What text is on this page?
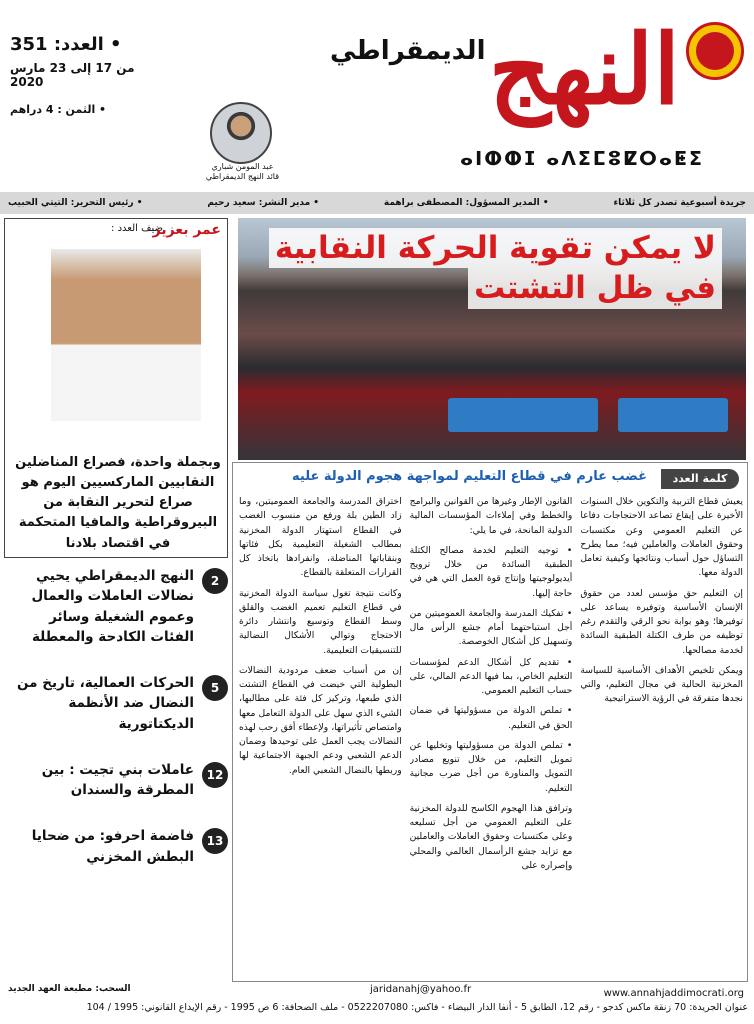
• العدد: 351
من 17 إلى 23 مارس 2020
• الثمن : 4 دراهم
عبد المومن شباري
قائد النهج الديمقراطي
النهج
الديمقراطي
ⴰⵏⵀⵀⵊ ⴰⴷⵉⵎⵓⵇⵔⴰⵟⵉ
جريدة أسبوعية تصدر كل ثلاثاء
• المدير المسؤول: المصطفى براهمة
• مدير النشر: سعيد رحيم
• رئيس التحرير: التيتي الحبيب
لا يمكن تقوية الحركة النقابية
في ظل التشتت
ضيف العدد :
عمر بعزيز
وبجملة واحدة، فصراع المناضلين النقابيين الماركسيين اليوم هو صراع لتحرير النقابة من البيروقراطية والمافيا المتحكمة في اقتصاد بلادنا
2
النهج الديمقراطي يحيي نضالات العاملات والعمال وعموم الشغيلة وسائر الفئات الكادحة والمعطلة
5
الحركات العمالية، تاريخ من النضال ضد الأنظمة الديكتاتورية
12
عاملات بني تجيت : بين المطرقة والسندان
13
فاضمة احرفو: من ضحايا البطش المخزني
كلمة العدد
غضب عارم في قطاع التعليم لمواجهة هجوم الدولة عليه

يعيش قطاع التربية والتكوين خلال السنوات الأخيرة على إيقاع تصاعد الاحتجاجات دفاعا عن التعليم العمومي وعن مكتسبات وحقوق العاملات والعاملين فيه؛ مما يطرح التساؤل حول أسباب ونتائجها وكيفية تعامل الدولة معها.

إن التعليم حق مؤسس لعدد من حقوق الإنسان الأساسية وتوفيره يساعد على توفيرها؛ وهو بوابة نحو الرقي والتقدم رغم توظيفه من طرف الكتلة الطبقية السائدة لخدمة مصالحها.

ويمكن تلخيص الأهداف الأساسية للسياسة المخزنية الحالية في مجال التعليم، والتي نجدها متفرقة في الرؤية الاستراتيجية

القانون الإطار وغيرها من القوانين والبرامج والخطط وفي إملاءات المؤسسات المالية الدولية المانحة، في ما يلي:

• توجيه التعليم لخدمة مصالح الكتلة الطبقية السائدة من خلال ترويج أيديولوجيتها وإنتاج قوة العمل التي هي في حاجة إليها.

• تفكيك المدرسة والجامعة العموميتين من أجل استباحتهما أمام جشع الرأس مال وتسهيل كل أشكال الخوصصة.

• تقديم كل أشكال الدعم لمؤسسات التعليم الخاص، بما فيها الدعم المالي، على حساب التعليم العمومي.

• تملص الدولة من مسؤوليتها في ضمان الحق في التعليم.

• تملص الدولة من مسؤوليتها وتخليها عن تمويل التعليم، من خلال تنويع مصادر التمويل والمناورة من أجل ضرب مجانية التعليم.

وترافق هذا الهجوم الكاسح للدولة المخزنية على التعليم العمومي من أجل تسليعه وعلى مكتسبات وحقوق العاملات والعاملين مع تزايد جشع الرأسمال العالمي والمحلي وإصراره على

اختراق المدرسة والجامعة العموميتين، وما زاد الطين بلة ورفع من منسوب الغضب في القطاع استهتار الدولة المخزنية بمطالب الشغيلة التعليمية بكل فئاتها وبنقاباتها المناضلة، وانفرادها باتخاذ كل القرارات المتعلقة بالقطاع.

وكانت نتيجة تغول سياسة الدولة المخزنية في قطاع التعليم تعميم الغضب والقلق وسط القطاع وتوسيع وانتشار دائرة الاحتجاج وتوالي الأشكال النضالية للتنسيقيات التعليمية.

إن من أسباب ضعف مردودية النضالات البطولية التي خيضت في القطاع التشتت الذي طبعها، وتركيز كل فئة على مطالبها، الشيء الذي سهل على الدولة التعامل معها وامتصاص تأثيراتها، ولإعطاء أفق رحب لهذه النضالات يجب العمل على توحيدها وضمان الدعم الشعبي ودعم الجبهة الاجتماعية لها وربطها بالنضال الشعبي العام.

السحب: مطبعة العهد الجديد	jaridanahj@yahoo.fr
عنوان الجريدة: 70 زنقة ماكس كدجو - رقم 12، الطابق 5 - أنفا الدار البيضاء - فاكس: 0522207080 - ملف الصحافة: 6 ص 1995 - رقم الإيداع القانوني: 1995 / 104
www.annahjaddimocrati.org
